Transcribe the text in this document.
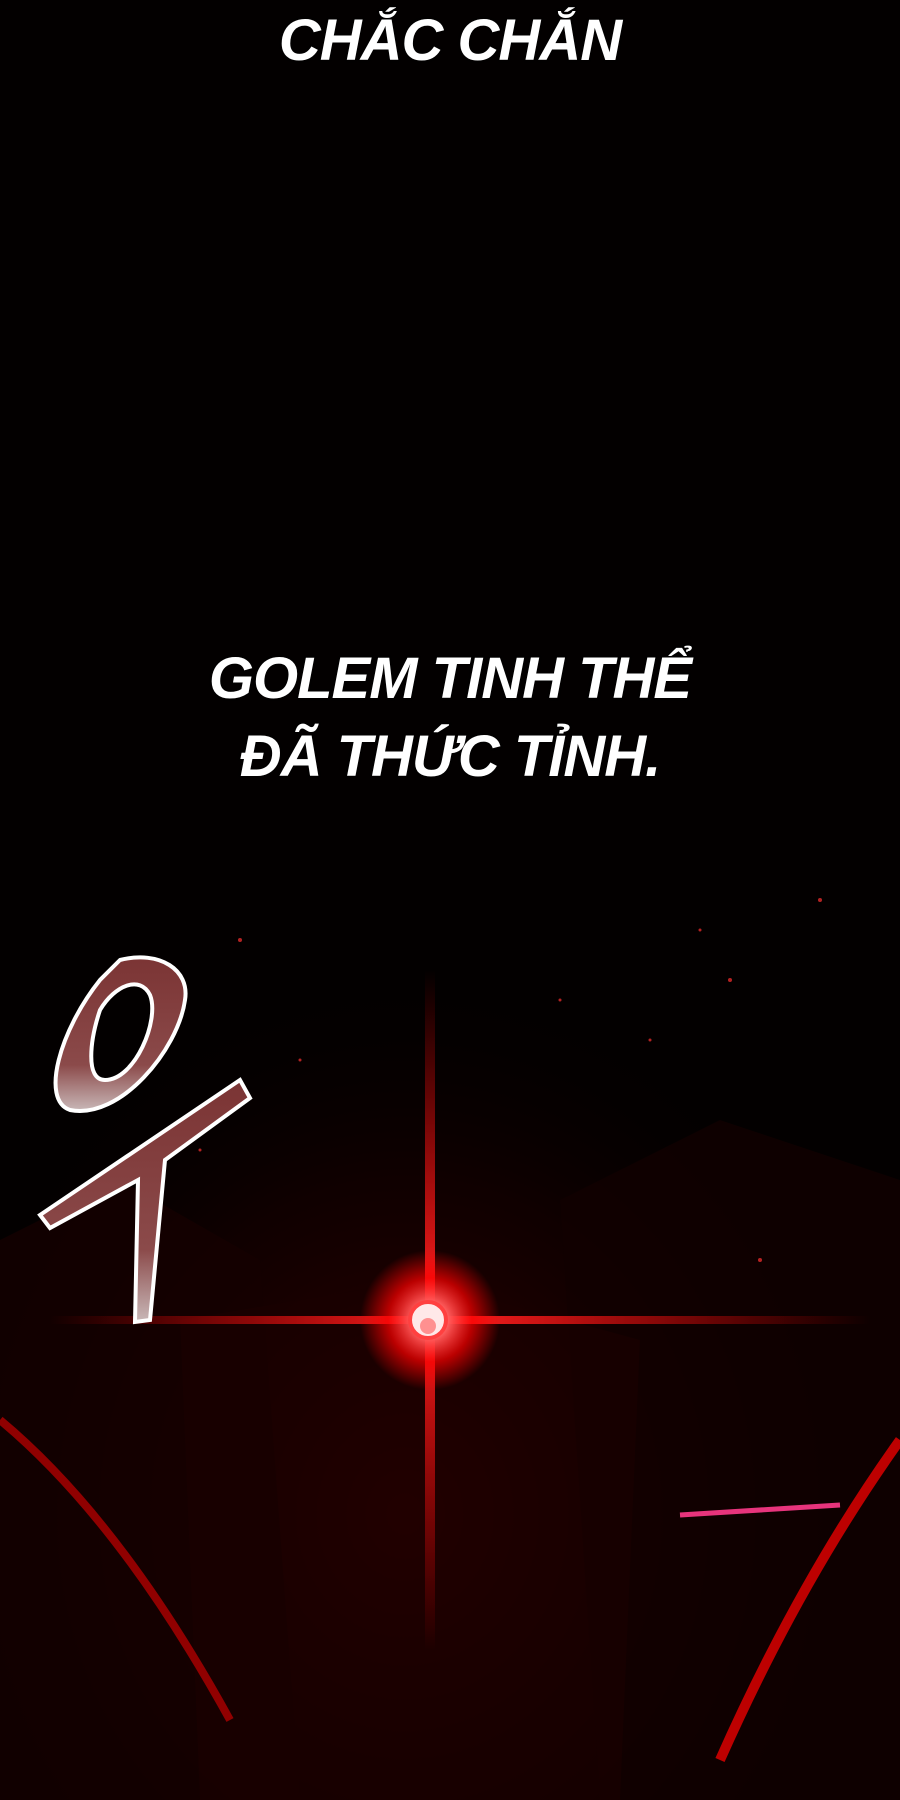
CHẮC CHẮN
GOLEM TINH THỂ
ĐÃ THỨC TỈNH.
